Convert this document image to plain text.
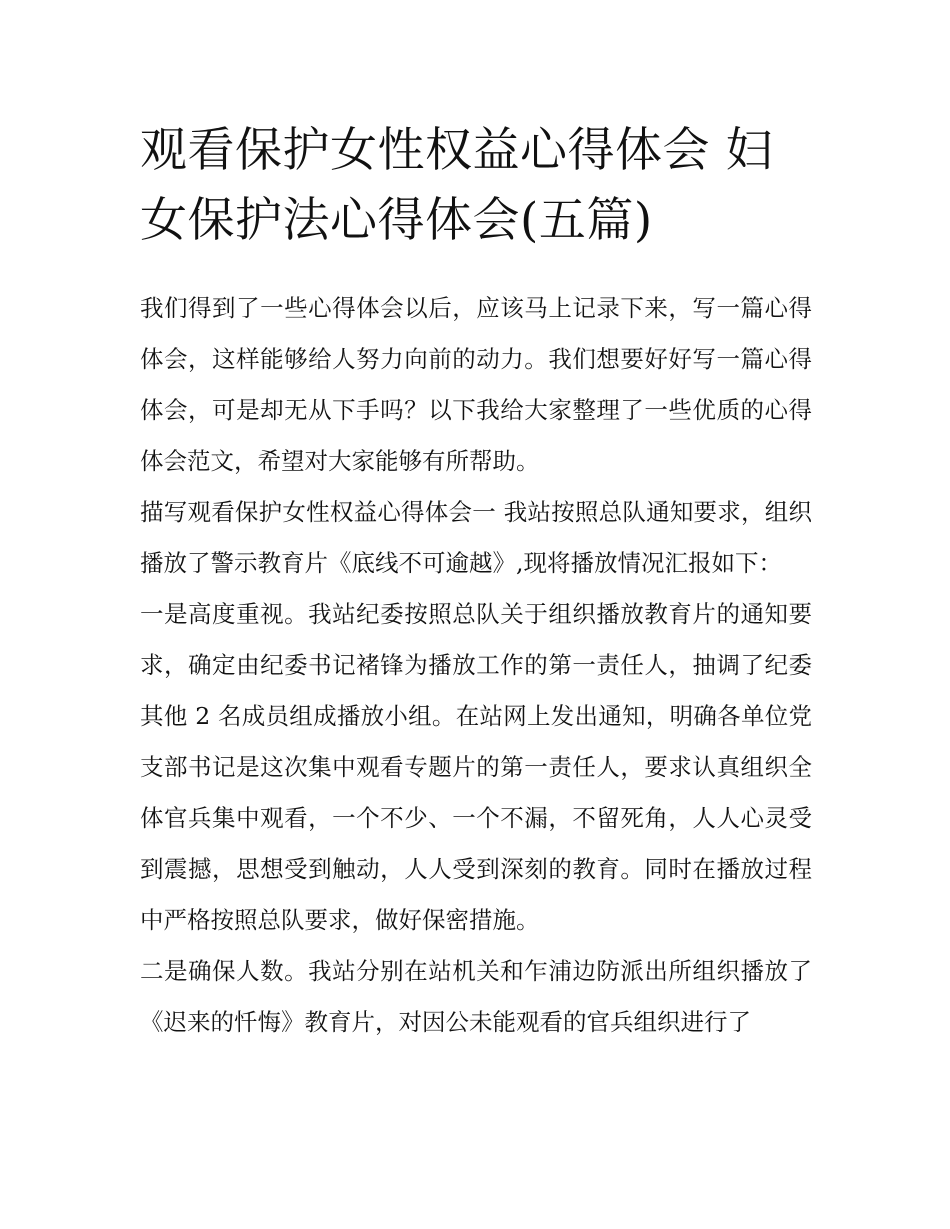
观看保护女性权益心得体会 妇女保护法心得体会(五篇)

我们得到了一些心得体会以后，应该马上记录下来，写一篇心得体会，这样能够给人努力向前的动力。我们想要好好写一篇心得体会，可是却无从下手吗？以下我给大家整理了一些优质的心得体会范文，希望对大家能够有所帮助。

描写观看保护女性权益心得体会一 我站按照总队通知要求，组织播放了警示教育片《底线不可逾越》,现将播放情况汇报如下：

一是高度重视。我站纪委按照总队关于组织播放教育片的通知要求，确定由纪委书记褚锋为播放工作的第一责任人，抽调了纪委其他 2 名成员组成播放小组。在站网上发出通知，明确各单位党支部书记是这次集中观看专题片的第一责任人，要求认真组织全体官兵集中观看，一个不少、一个不漏，不留死角，人人心灵受到震撼，思想受到触动，人人受到深刻的教育。同时在播放过程中严格按照总队要求，做好保密措施。

二是确保人数。我站分别在站机关和乍浦边防派出所组织播放了《迟来的忏悔》教育片，对因公未能观看的官兵组织进行了
